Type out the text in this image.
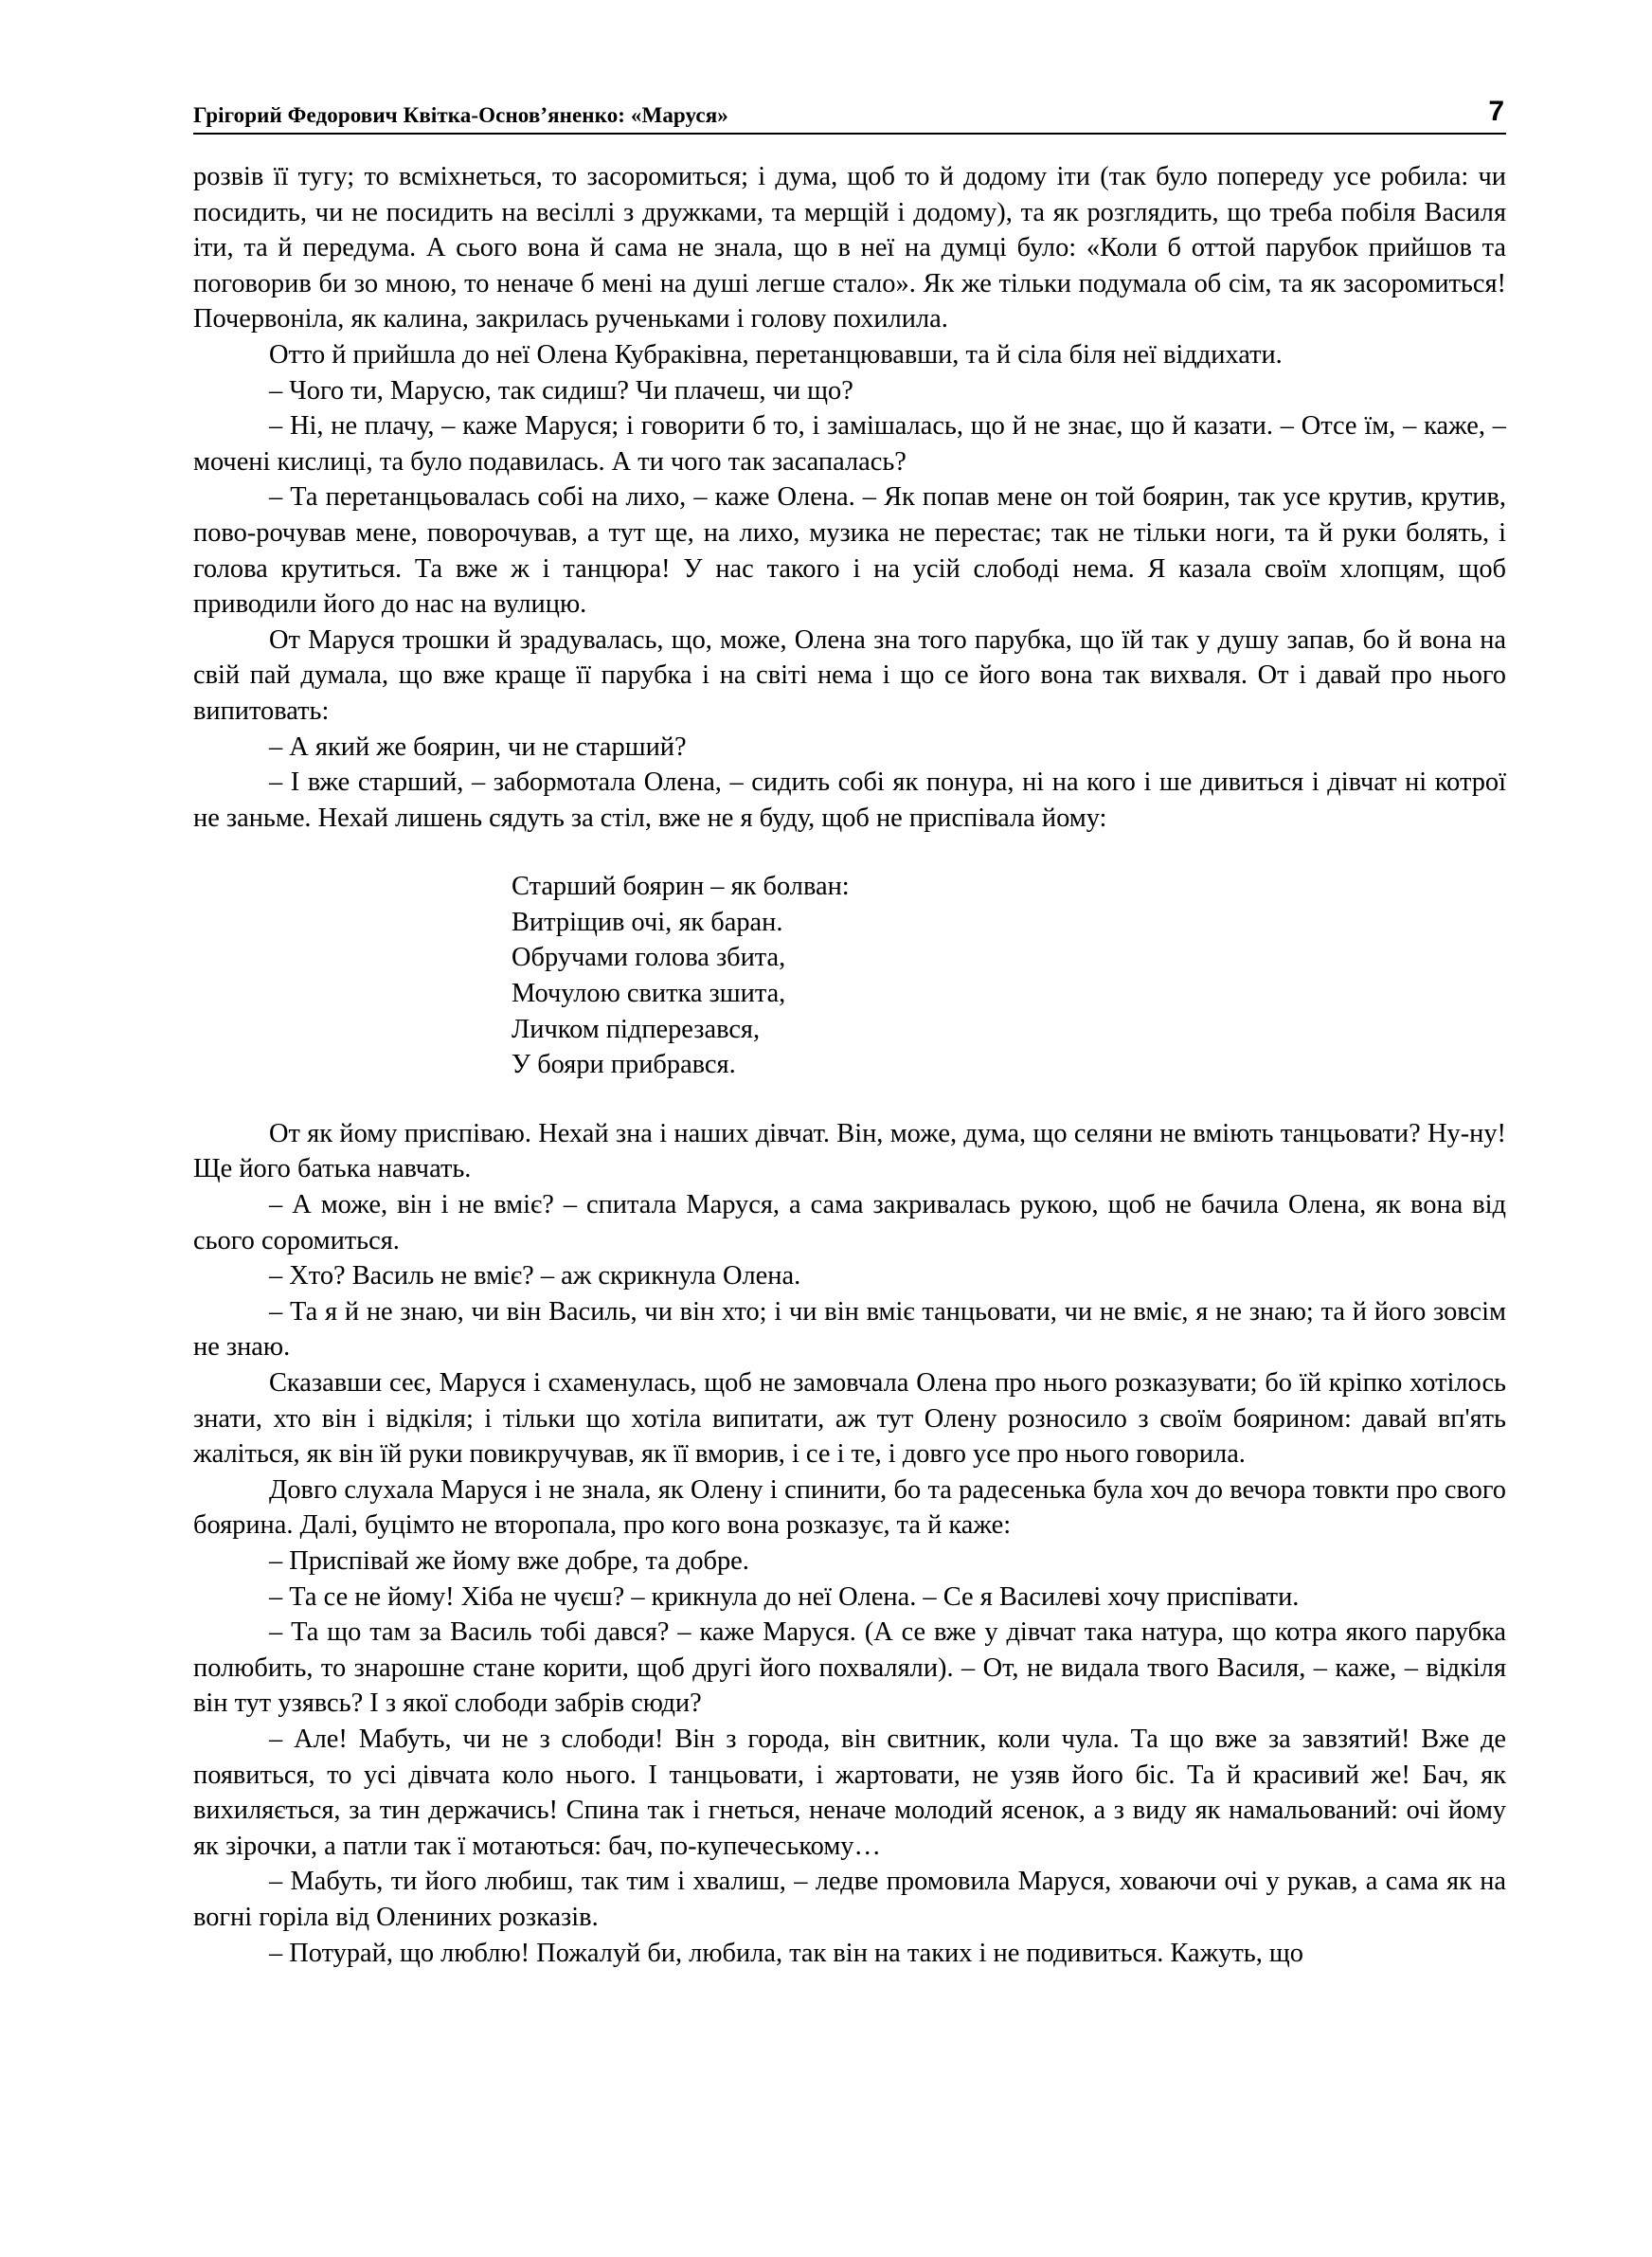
Грігорий Федорович Квітка-Основ’яненко: «Маруся»	7

розвів її тугу; то всміхнеться, то засоромиться; і дума, щоб то й додому іти (так було попереду усе робила: чи посидить, чи не посидить на весіллі з дружками, та мерщій і додому), та як розглядить, що треба побіля Василя іти, та й передума. А сього вона й сама не знала, що в неї на думці було: «Коли б оттой парубок прийшов та поговорив би зо мною, то неначе б мені на душі легше стало». Як же тільки подумала об сім, та як засоромиться! Почервоніла, як калина, закрилась рученьками і голову похилила.

Отто й прийшла до неї Олена Кубраківна, перетанцювавши, та й сіла біля неї віддихати.

– Чого ти, Марусю, так сидиш? Чи плачеш, чи що?

– Ні, не плачу, – каже Маруся; і говорити б то, і замішалась, що й не знає, що й казати. – Отсе їм, – каже, – мочені кислиці, та було подавилась. А ти чого так засапалась?

– Та перетанцьовалась собі на лихо, – каже Олена. – Як попав мене он той боярин, так усе крутив, крутив, пово-рочував мене, поворочував, а тут ще, на лихо, музика не перестає; так не тільки ноги, та й руки болять, і голова крутиться. Та вже ж і танцюра! У нас такого і на усій слободі нема. Я казала своїм хлопцям, щоб приводили його до нас на вулицю.

От Маруся трошки й зрадувалась, що, може, Олена зна того парубка, що їй так у душу запав, бо й вона на свій пай думала, що вже краще її парубка і на світі нема і що се його вона так вихваля. От і давай про нього випитовать:

– А який же боярин, чи не старший?

– І вже старший, – забормотала Олена, – сидить собі як понура, ні на кого і ше дивиться і дівчат ні котрої не заньме. Нехай лишень сядуть за стіл, вже не я буду, щоб не приспівала йому:

Старший боярин – як болван:
Витріщив очі, як баран.
Обручами голова збита,
Мочулою свитка зшита,
Личком підперезався,
У бояри прибрався.

От як йому приспіваю. Нехай зна і наших дівчат. Він, може, дума, що селяни не вміють танцьовати? Ну-ну! Ще його батька навчать.

– А може, він і не вміє? – спитала Маруся, а сама закривалась рукою, щоб не бачила Олена, як вона від сього соромиться.

– Хто? Василь не вміє? – аж скрикнула Олена.

– Та я й не знаю, чи він Василь, чи він хто; і чи він вміє танцьовати, чи не вміє, я не знаю; та й його зовсім не знаю.

Сказавши сеє, Маруся і схаменулась, щоб не замовчала Олена про нього розказувати; бо їй кріпко хотілось знати, хто він і відкіля; і тільки що хотіла випитати, аж тут Олену розносило з своїм боярином: давай вп'ять жаліться, як він їй руки повикручував, як її вморив, і се і те, і довго усе про нього говорила.

Довго слухала Маруся і не знала, як Олену і спинити, бо та радесенька була хоч до вечора товкти про свого боярина. Далі, буцімто не второпала, про кого вона розказує, та й каже:

– Приспівай же йому вже добре, та добре.

– Та се не йому! Хіба не чуєш? – крикнула до неї Олена. – Се я Василеві хочу приспівати.

– Та що там за Василь тобі дався? – каже Маруся. (А се вже у дівчат така натура, що котра якого парубка полюбить, то знарошне стане корити, щоб другі його похваляли). – От, не видала твого Василя, – каже, – відкіля він тут узявсь? І з якої слободи забрів сюди?

– Але! Мабуть, чи не з слободи! Він з города, він свитник, коли чула. Та що вже за завзятий! Вже де появиться, то усі дівчата коло нього. І танцьовати, і жартовати, не узяв його біс. Та й красивий же! Бач, як вихиляється, за тин держачись! Спина так і гнеться, неначе молодий ясенок, а з виду як намальований: очі йому як зірочки, а патли так ї мотаються: бач, по-купечеському…

– Мабуть, ти його любиш, так тим і хвалиш, – ледве промовила Маруся, ховаючи очі у рукав, а сама як на вогні горіла від Олениних розказів.

– Потурай, що люблю! Пожалуй би, любила, так він на таких і не подивиться. Кажуть, що
